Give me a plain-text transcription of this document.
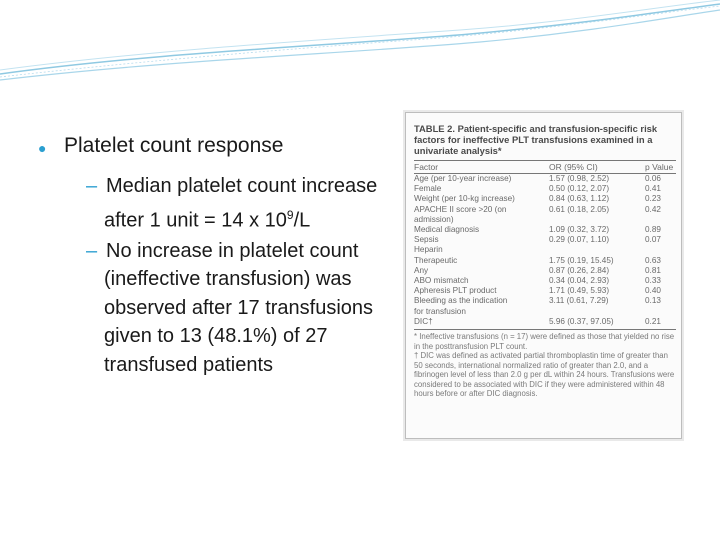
● Platelet count response
– Median platelet count increase after 1 unit = 14 x $10^9/L$
– No increase in platelet count (ineffective transfusion) was observed after 17 transfusions given to 13 (48.1%) of 27 transfused patients
TABLE 2. Patient-specific and transfusion-specific risk factors for ineffective PLT transfusions examined in a univariate analysis*
Factor	OR (95% CI)	p Value
* Ineffective transfusions (n = 17) were defined as those that yielded no rise in the posttransfusion PLT count.
† DIC was defined as activated partial thromboplastin time of greater than 50 seconds, international normalized ratio of greater than 2.0, and a fibrinogen level of less than 2.0 g per dL within 24 hours. Transfusions were considered to be associated with DIC if they were administered within 48 hours before or after DIC diagnosis.
Age (per 10-year increase)	1.57 (0.98, 2.52)	0.06
Female	0.50 (0.12, 2.07)	0.41
Weight (per 10-kg increase)	0.84 (0.63, 1.12)	0.23
APACHE II score >20 (on	0.61 (0.18, 2.05)	0.42
admission)
Medical diagnosis	1.09 (0.32, 3.72)	0.89
Sepsis	0.29 (0.07, 1.10)	0.07
Heparin
Therapeutic	1.75 (0.19, 15.45)	0.63
Any	0.87 (0.26, 2.84)	0.81
ABO mismatch	0.34 (0.04, 2.93)	0.33
Apheresis PLT product	1.71 (0.49, 5.93)	0.40
Bleeding as the indication	3.11 (0.61, 7.29)	0.13
for transfusion
DIC†	5.96 (0.37, 97.05)	0.21
